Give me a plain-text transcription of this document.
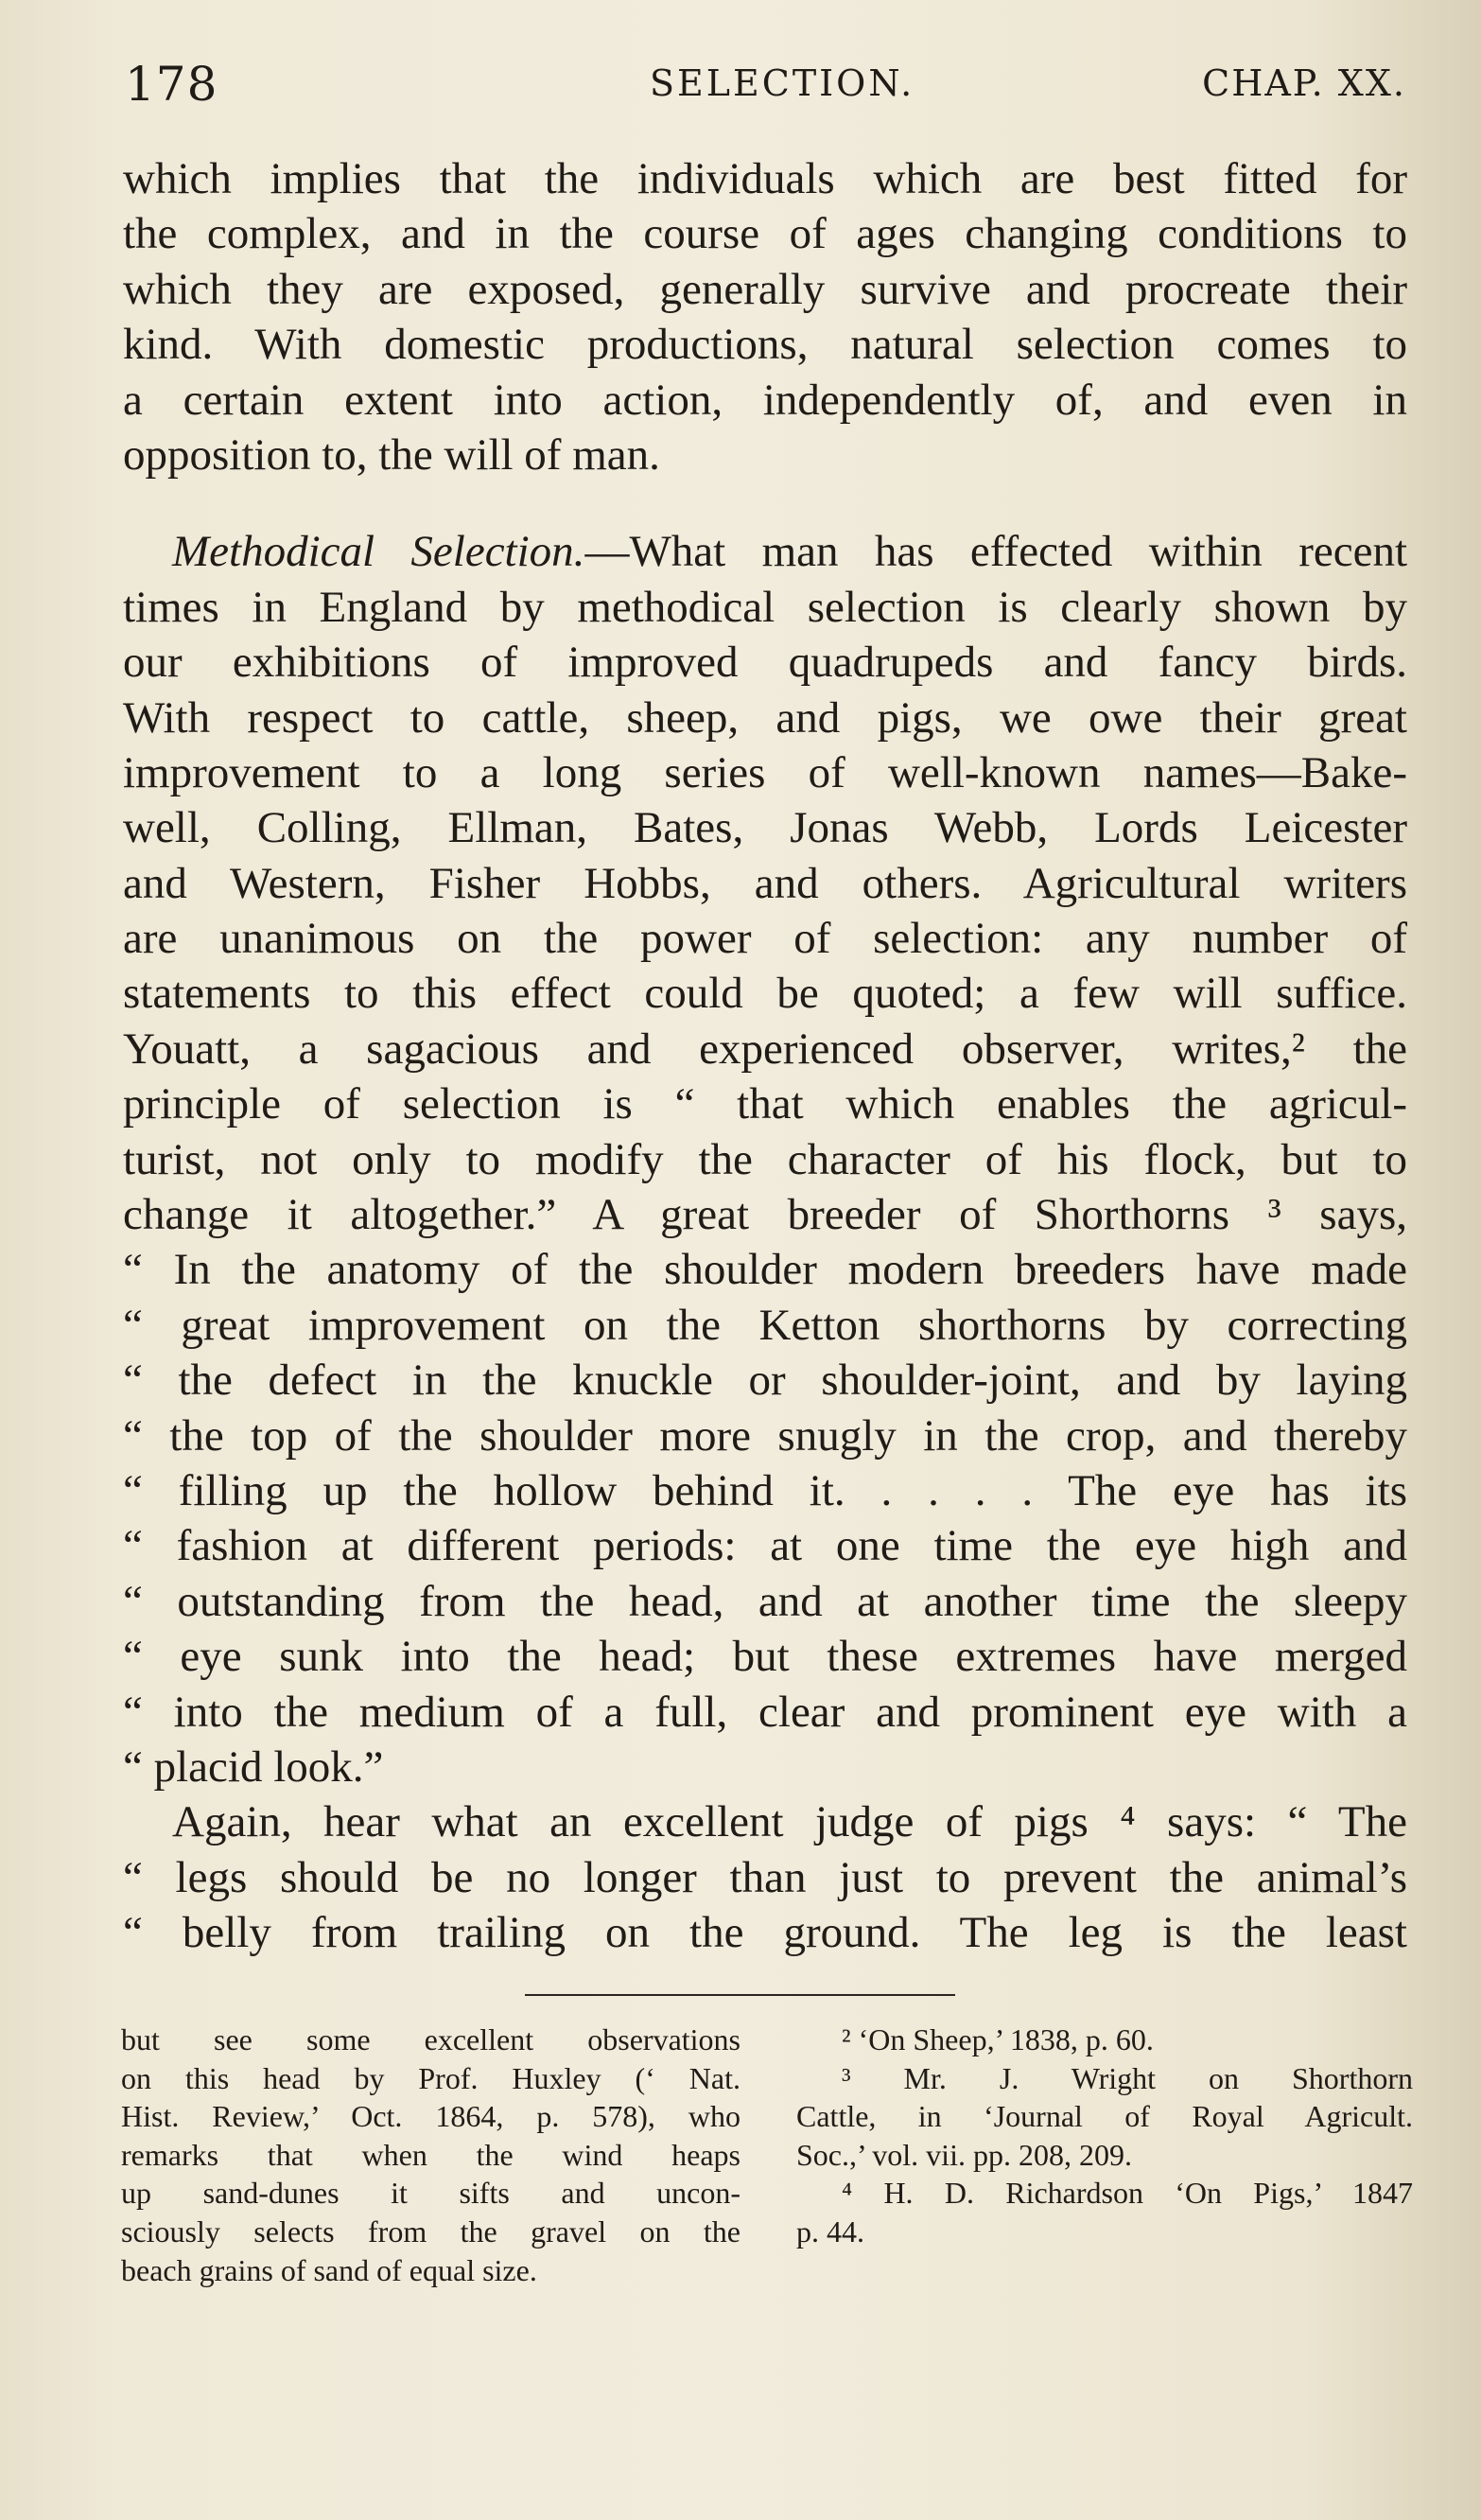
178	SELECTION.	CHAP. XX.
which implies that the individuals which are best fitted for
the complex, and in the course of ages changing conditions to
which they are exposed, generally survive and procreate their
kind. With domestic productions, natural selection comes to
a certain extent into action, independently of, and even in
opposition to, the will of man.
Methodical Selection.—What man has effected within recent
times in England by methodical selection is clearly shown by
our exhibitions of improved quadrupeds and fancy birds.
With respect to cattle, sheep, and pigs, we owe their great
improvement to a long series of well-known names—Bake-
well, Colling, Ellman, Bates, Jonas Webb, Lords Leicester
and Western, Fisher Hobbs, and others. Agricultural writers
are unanimous on the power of selection: any number of
statements to this effect could be quoted; a few will suffice.
Youatt, a sagacious and experienced observer, writes,² the
principle of selection is “ that which enables the agricul-
turist, not only to modify the character of his flock, but to
change it altogether.” A great breeder of Shorthorns ³ says,
“ In the anatomy of the shoulder modern breeders have made
“ great improvement on the Ketton shorthorns by correcting
“ the defect in the knuckle or shoulder-joint, and by laying
“ the top of the shoulder more snugly in the crop, and thereby
“ filling up the hollow behind it. . . . . The eye has its
“ fashion at different periods: at one time the eye high and
“ outstanding from the head, and at another time the sleepy
“ eye sunk into the head; but these extremes have merged
“ into the medium of a full, clear and prominent eye with a
“ placid look.”
Again, hear what an excellent judge of pigs ⁴ says: “ The
“ legs should be no longer than just to prevent the animal’s
“ belly from trailing on the ground. The leg is the least
but see some excellent observations
on this head by Prof. Huxley (‘ Nat.
Hist. Review,’ Oct. 1864, p. 578), who
remarks that when the wind heaps
up sand-dunes it sifts and uncon-
sciously selects from the gravel on the
beach grains of sand of equal size.
² ‘On Sheep,’ 1838, p. 60.
³ Mr. J. Wright on Shorthorn
Cattle, in ‘Journal of Royal Agricult.
Soc.,’ vol. vii. pp. 208, 209.
⁴ H. D. Richardson ‘On Pigs,’ 1847
p. 44.
